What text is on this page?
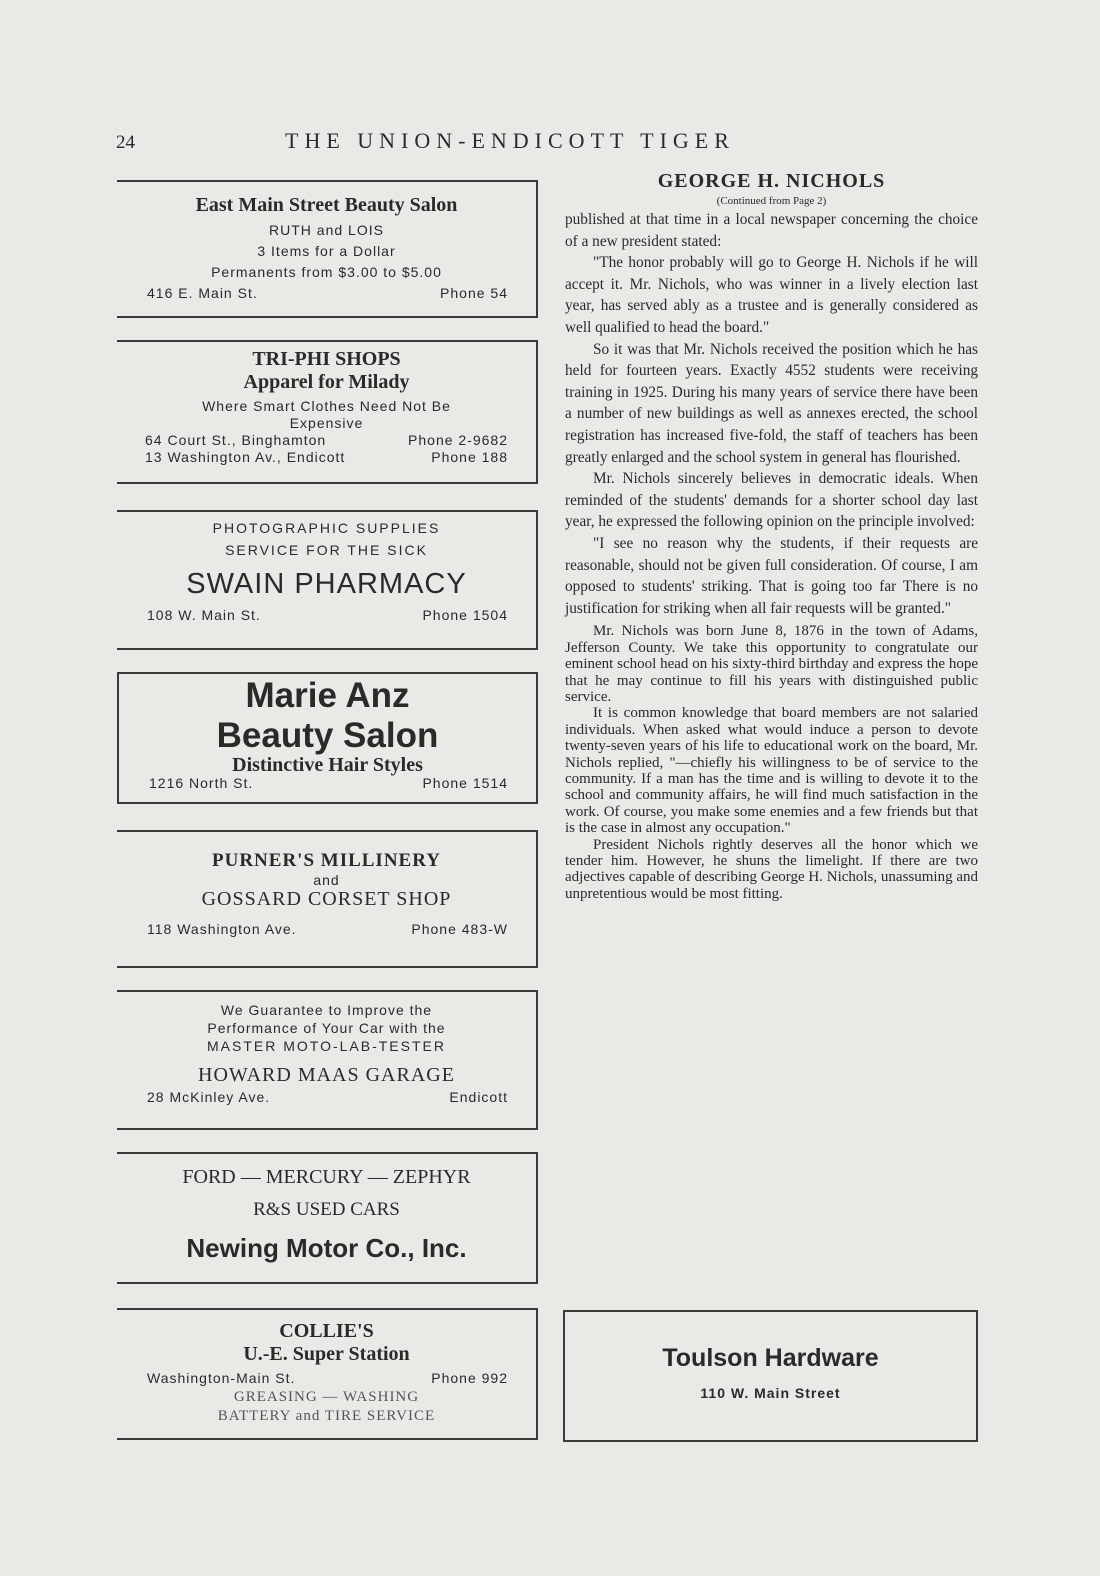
24	THE UNION-ENDICOTT TIGER
East Main Street Beauty Salon
RUTH and LOIS
3 Items for a Dollar
Permanents from $3.00 to $5.00
416 E. Main St.	Phone 54
TRI-PHI SHOPS
Apparel for Milady
Where Smart Clothes Need Not Be
Expensive
64 Court St., Binghamton	Phone 2-9682
13 Washington Av., Endicott	Phone 188
PHOTOGRAPHIC SUPPLIES
SERVICE FOR THE SICK
SWAIN PHARMACY
108 W. Main St.	Phone 1504
Marie Anz
Beauty Salon
Distinctive Hair Styles
1216 North St.	Phone 1514
PURNER'S MILLINERY
and
GOSSARD CORSET SHOP
118 Washington Ave.	Phone 483-W
We Guarantee to Improve the
Performance of Your Car with the
MASTER MOTO-LAB-TESTER
HOWARD MAAS GARAGE
28 McKinley Ave.	Endicott
FORD — MERCURY — ZEPHYR
R&S USED CARS
Newing Motor Co., Inc.
COLLIE'S
U.-E. Super Station
Washington-Main St.	Phone 992
GREASING — WASHING
BATTERY and TIRE SERVICE
GEORGE H. NICHOLS
(Continued from Page 2)

published at that time in a local newspaper concerning the choice of a new president stated:

"The honor probably will go to George H. Nichols if he will accept it. Mr. Nichols, who was winner in a lively election last year, has served ably as a trustee and is generally considered as well qualified to head the board."

So it was that Mr. Nichols received the position which he has held for fourteen years. Exactly 4552 students were receiving training in 1925. During his many years of service there have been a number of new buildings as well as annexes erected, the school registration has increased five-fold, the staff of teachers has been greatly enlarged and the school system in general has flourished.

Mr. Nichols sincerely believes in democratic ideals. When reminded of the students' demands for a shorter school day last year, he expressed the following opinion on the principle involved:

"I see no reason why the students, if their requests are reasonable, should not be given full consideration. Of course, I am opposed to students' striking. That is going too far There is no justification for striking when all fair requests will be granted."

Mr. Nichols was born June 8, 1876 in the town of Adams, Jefferson County. We take this opportunity to congratulate our eminent school head on his sixty-third birthday and express the hope that he may continue to fill his years with distinguished public service.

It is common knowledge that board members are not salaried individuals. When asked what would induce a person to devote twenty-seven years of his life to educational work on the board, Mr. Nichols replied, "—chiefly his willingness to be of service to the community. If a man has the time and is willing to devote it to the school and community affairs, he will find much satisfaction in the work. Of course, you make some enemies and a few friends but that is the case in almost any occupation."

President Nichols rightly deserves all the honor which we tender him. However, he shuns the limelight. If there are two adjectives capable of describing George H. Nichols, unassuming and unpretentious would be most fitting.

Toulson Hardware
110 W. Main Street
